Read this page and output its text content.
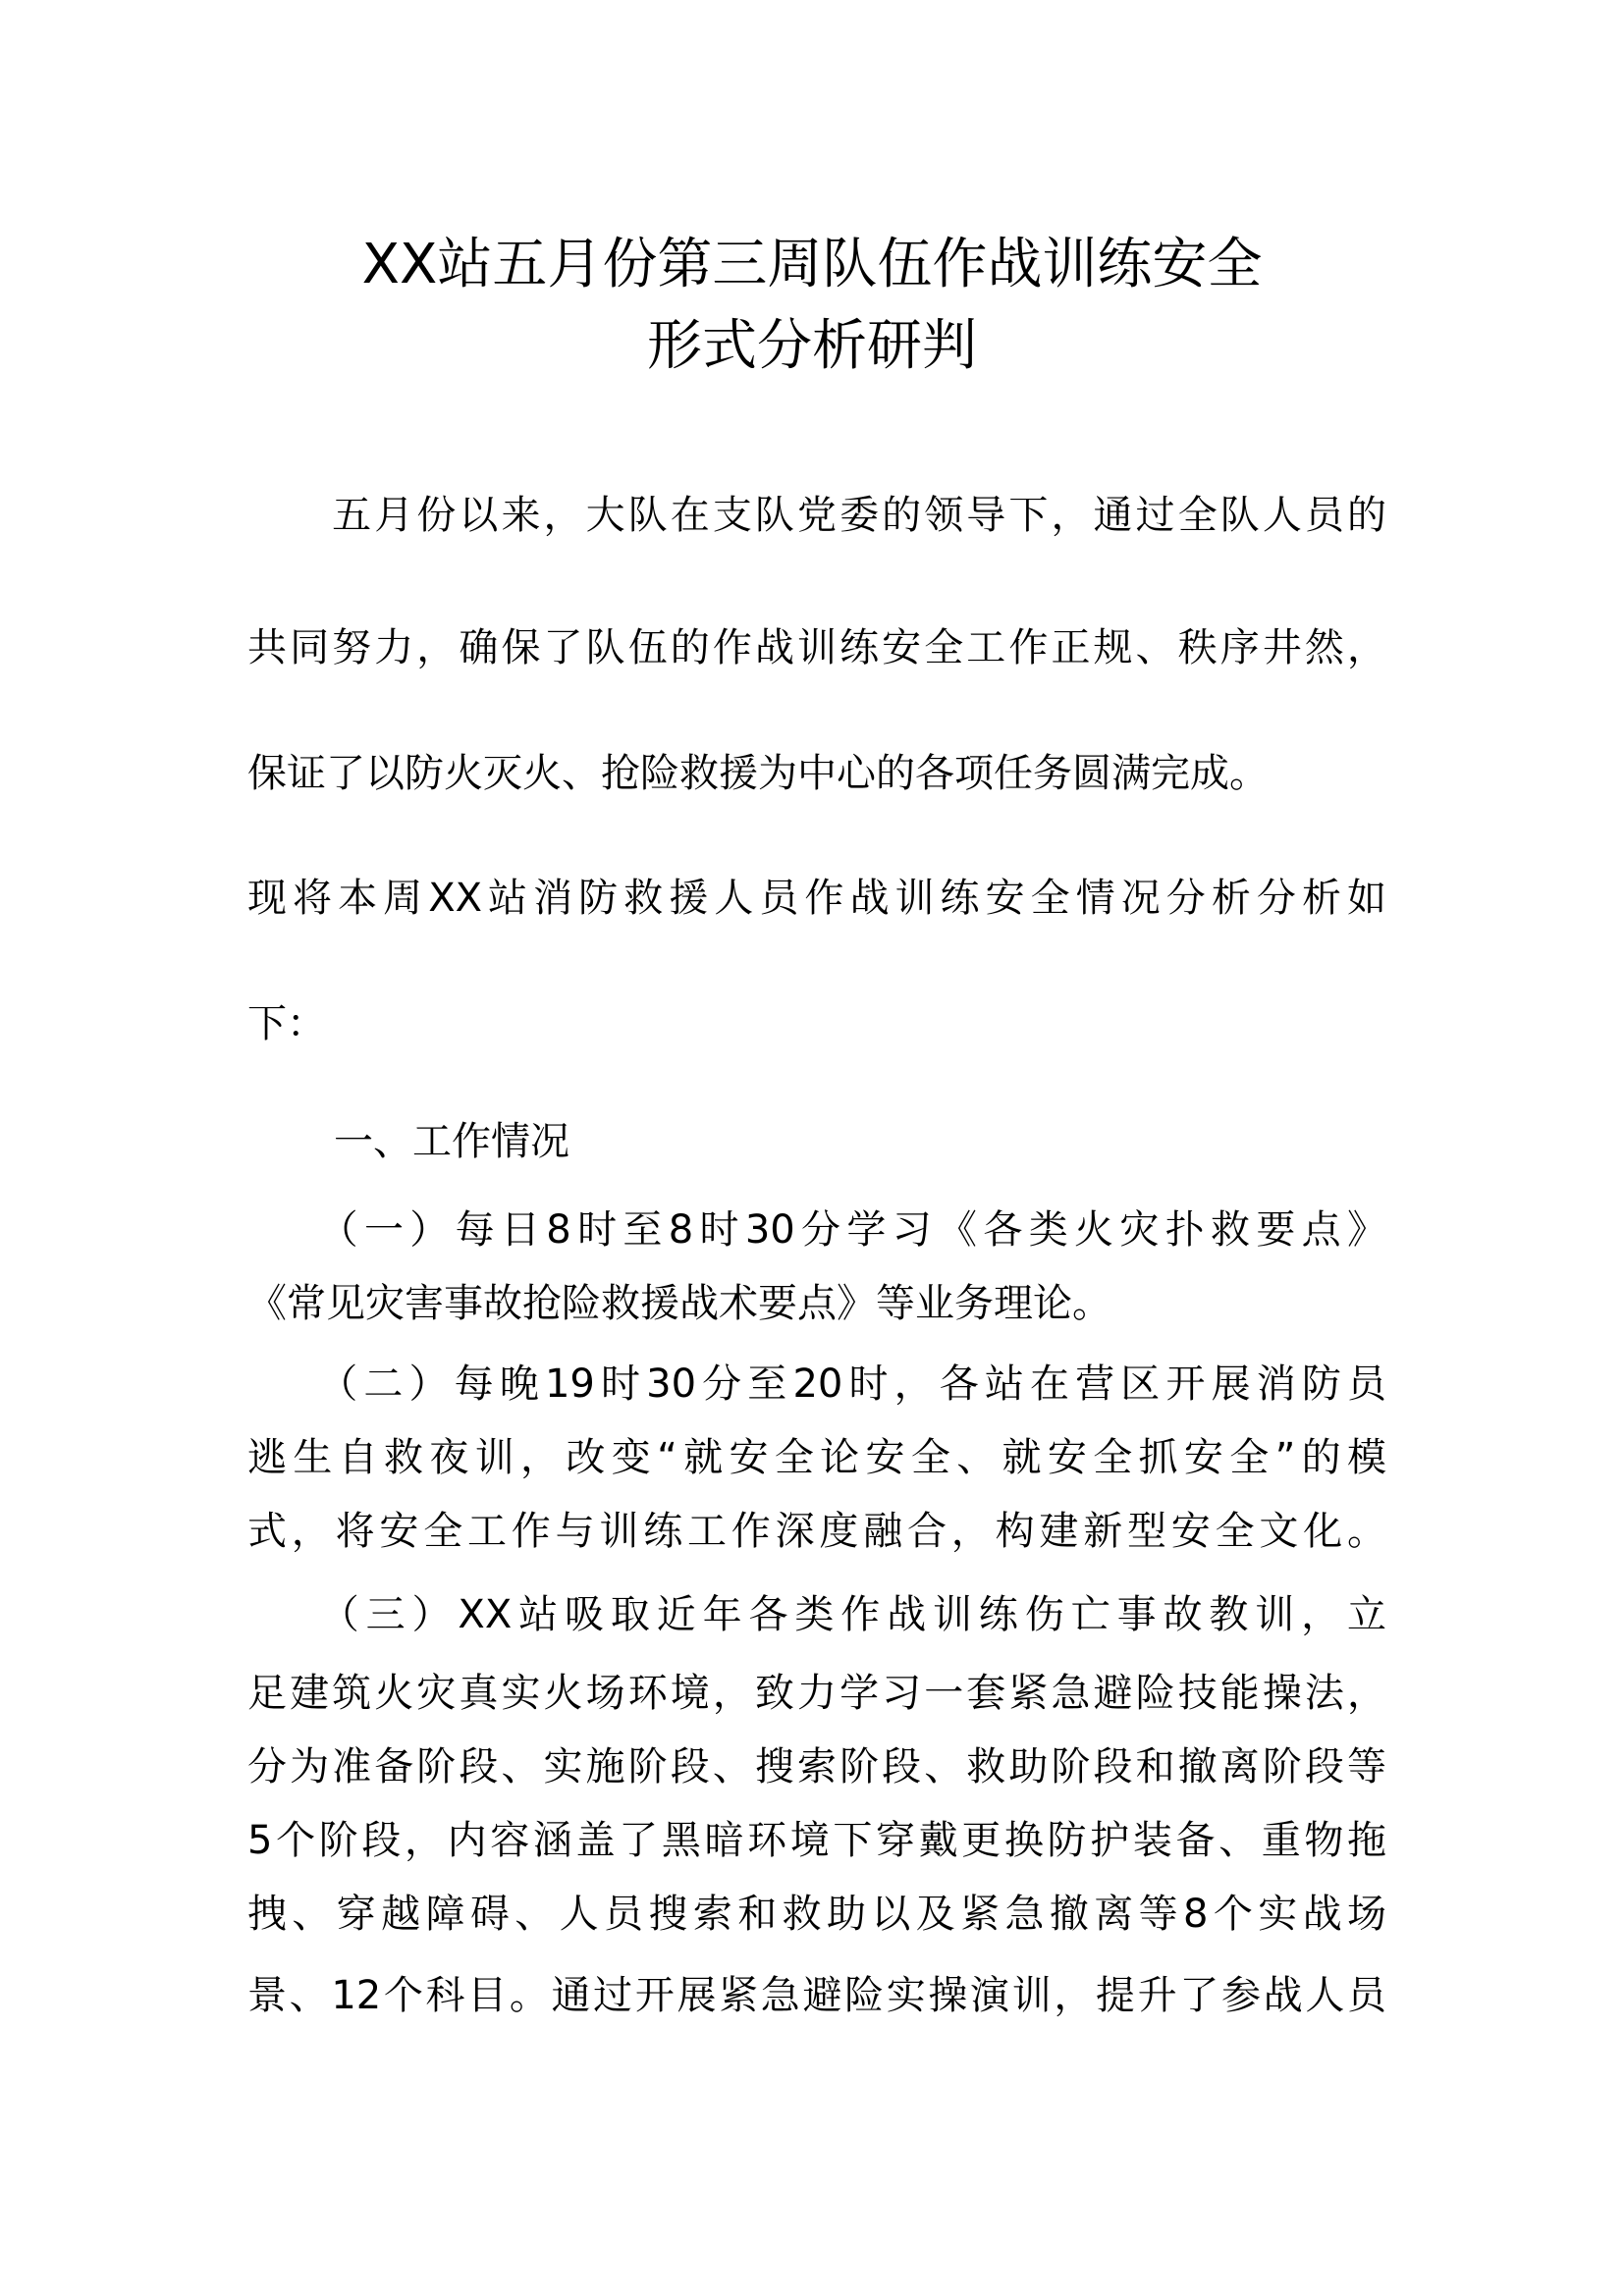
XX站五月份第三周队伍作战训练安全
形式分析研判
　　五月份以来，大队在支队党委的领导下，通过全队人员的
共同努力，确保了队伍的作战训练安全工作正规、秩序井然，
保证了以防火灭火、抢险救援为中心的各项任务圆满完成。
现将本周XX站消防救援人员作战训练安全情况分析分析如
下：
一、工作情况
　　（一）每日8时至8时30分学习《各类火灾扑救要点》
《常见灾害事故抢险救援战术要点》等业务理论。
　　（二）每晚19时30分至20时，各站在营区开展消防员
逃生自救夜训，改变“就安全论安全、就安全抓安全”的模
式，将安全工作与训练工作深度融合，构建新型安全文化。
　　（三）XX站吸取近年各类作战训练伤亡事故教训，立
足建筑火灾真实火场环境，致力学习一套紧急避险技能操法，
分为准备阶段、实施阶段、搜索阶段、救助阶段和撤离阶段等
5个阶段，内容涵盖了黑暗环境下穿戴更换防护装备、重物拖
拽、穿越障碍、人员搜索和救助以及紧急撤离等8个实战场
景、12个科目。通过开展紧急避险实操演训，提升了参战人员
